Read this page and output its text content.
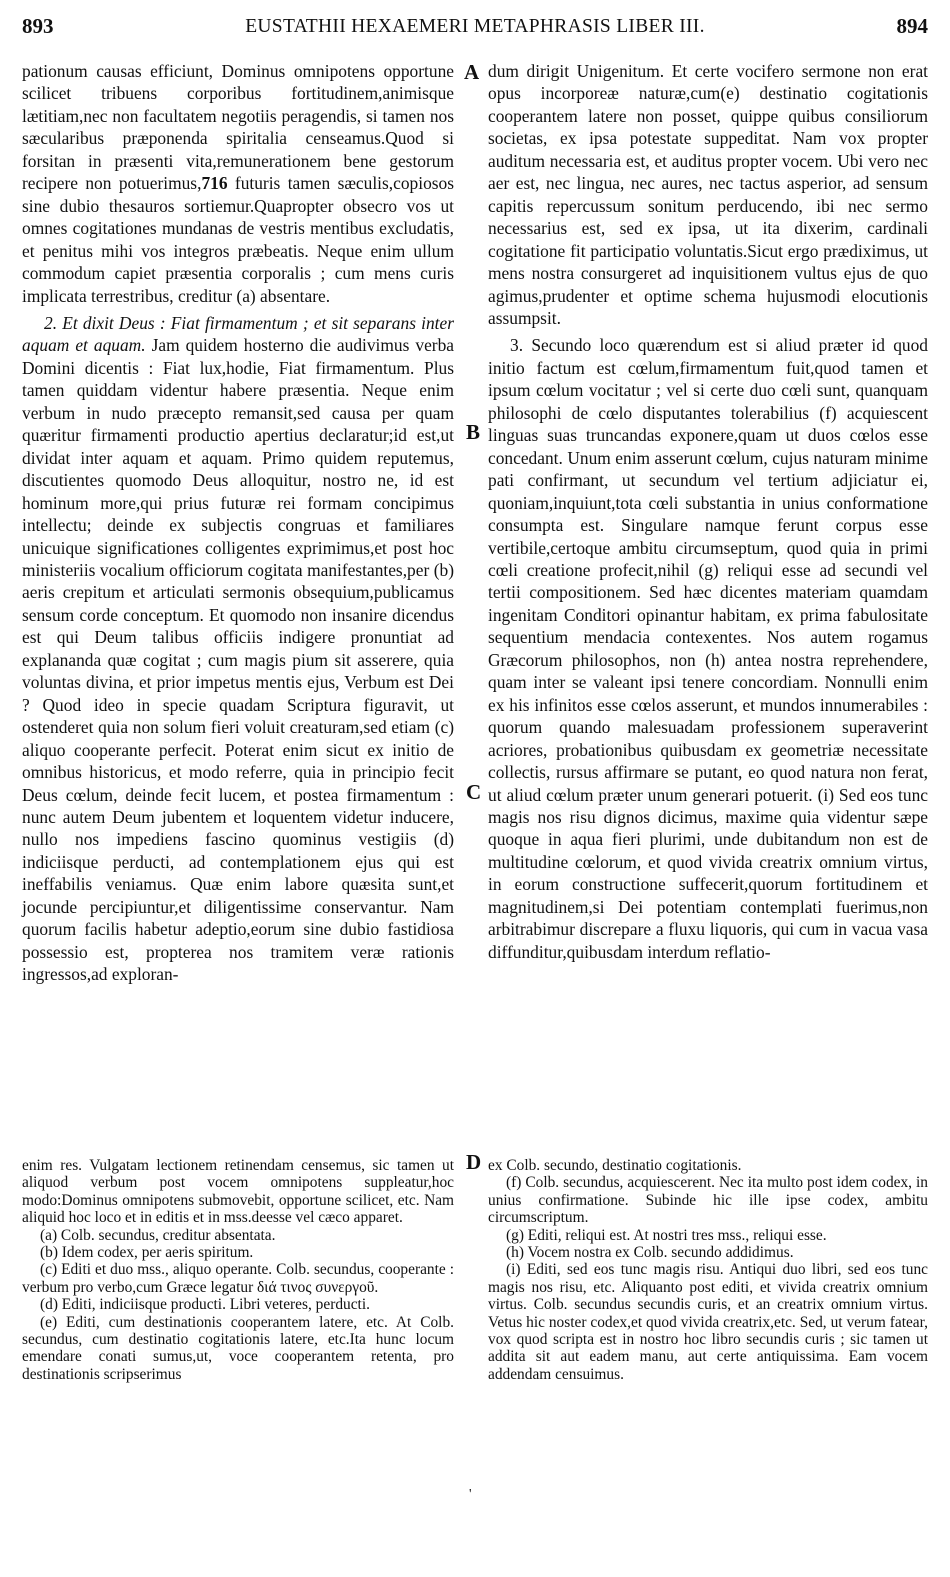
893	EUSTATHII HEXAEMERI METAPHRASIS LIBER III.	894

pationum causas efficiunt, Dominus omnipotens opportune scilicet tribuens corporibus fortitudinem,animisque lætitiam,nec non facultatem negotiis peragendis, si tamen nos sæcularibus præponenda spiritalia censeamus.Quod si forsitan in præsenti vita,remunerationem bene gestorum recipere non potuerimus,716 futuris tamen sæculis,copiosos sine dubio thesauros sortiemur.Quapropter obsecro vos ut omnes cogitationes mundanas de vestris mentibus excludatis, et penitus mihi vos integros præbeatis. Neque enim ullum commodum capiet præsentia corporalis ; cum mens curis implicata terrestribus, creditur (a) absentare.

2. Et dixit Deus : Fiat firmamentum ; et sit separans inter aquam et aquam. Jam quidem hosterno die audivimus verba Domini dicentis : Fiat lux,hodie, Fiat firmamentum. Plus tamen quiddam videntur habere præsentia. Neque enim verbum in nudo præcepto remansit,sed causa per quam quæritur firmamenti productio apertius declaratur;id est,ut dividat inter aquam et aquam. Primo quidem reputemus, discutientes quomodo Deus alloquitur, nostro ne, id est hominum more,qui prius futuræ rei formam concipimus intellectu; deinde ex subjectis congruas et familiares unicuique significationes colligentes exprimimus,et post hoc ministeriis vocalium officiorum cogitata manifestantes,per (b) aeris crepitum et articulati sermonis obsequium,publicamus sensum corde conceptum. Et quomodo non insanire dicendus est qui Deum talibus officiis indigere pronuntiat ad explananda quæ cogitat ; cum magis pium sit asserere, quia voluntas divina, et prior impetus mentis ejus, Verbum est Dei ? Quod ideo in specie quadam Scriptura figuravit, ut ostenderet quia non solum fieri voluit creaturam,sed etiam (c) aliquo cooperante perfecit. Poterat enim sicut ex initio de omnibus historicus, et modo referre, quia in principio fecit Deus cœlum, deinde fecit lucem, et postea firmamentum : nunc autem Deum jubentem et loquentem videtur inducere, nullo nos impediens fascino quominus vestigiis (d) indiciisque perducti, ad contemplationem ejus qui est ineffabilis veniamus. Quæ enim labore quæsita sunt,et jocunde percipiuntur,et diligentissime conservantur. Nam quorum facilis habetur adeptio,eorum sine dubio fastidiosa possessio est, propterea nos tramitem veræ rationis ingressos,ad exploran-

dum dirigit Unigenitum. Et certe vocifero sermone non erat opus incorporeæ naturæ,cum(e) destinatio cogitationis cooperantem latere non posset, quippe quibus consiliorum societas, ex ipsa potestate suppeditat. Nam vox propter auditum necessaria est, et auditus propter vocem. Ubi vero nec aer est, nec lingua, nec aures, nec tactus asperior, ad sensum capitis repercussum sonitum perducendo, ibi nec sermo necessarius est, sed ex ipsa, ut ita dixerim, cardinali cogitatione fit participatio voluntatis.Sicut ergo prædiximus, ut mens nostra consurgeret ad inquisitionem vultus ejus de quo agimus,prudenter et optime schema hujusmodi elocutionis assumpsit.

3. Secundo loco quærendum est si aliud præter id quod initio factum est cœlum,firmamentum fuit,quod tamen et ipsum cœlum vocitatur ; vel si certe duo cœli sunt, quanquam philosophi de cœlo disputantes tolerabilius (f) acquiescent linguas suas truncandas exponere,quam ut duos cœlos esse concedant. Unum enim asserunt cœlum, cujus naturam minime pati confirmant, ut secundum vel tertium adjiciatur ei, quoniam,inquiunt,tota cœli substantia in unius conformatione consumpta est. Singulare namque ferunt corpus esse vertibile,certoque ambitu circumseptum, quod quia in primi cœli creatione profecit,nihil (g) reliqui esse ad secundi vel tertii compositionem. Sed hæc dicentes materiam quamdam ingenitam Conditori opinantur habitam, ex prima fabulositate sequentium mendacia contexentes. Nos autem rogamus Græcorum philosophos, non (h) antea nostra reprehendere, quam inter se valeant ipsi tenere concordiam. Nonnulli enim ex his infinitos esse cœlos asserunt, et mundos innumerabiles : quorum quando malesuadam professionem superaverint acriores, probationibus quibusdam ex geometriæ necessitate collectis, rursus affirmare se putant, eo quod natura non ferat, ut aliud cœlum præter unum generari potuerit. (i) Sed eos tunc magis nos risu dignos dicimus, maxime quia videntur sæpe quoque in aqua fieri plurimi, unde dubitandum non est de multitudine cœlorum, et quod vivida creatrix omnium virtus, in eorum constructione suffecerit,quorum fortitudinem et magnitudinem,si Dei potentiam contemplati fuerimus,non arbitrabimur discrepare a fluxu liquoris, qui cum in vacua vasa diffunditur,quibusdam interdum reflatio-

A
B
C
D

enim res. Vulgatam lectionem retinendam censemus, sic tamen ut aliquod verbum post vocem omnipotens suppleatur,hoc modo:Dominus omnipotens submovebit, opportune scilicet, etc. Nam aliquid hoc loco et in editis et in mss.deesse vel cæco apparet.

(a) Colb. secundus, creditur absentata.

(b) Idem codex, per aeris spiritum.

(c) Editi et duo mss., aliquo operante. Colb. secundus, cooperante : verbum pro verbo,cum Græce legatur διά τινος συνεργοῦ.

(d) Editi, indiciisque producti. Libri veteres, perducti.

(e) Editi, cum destinationis cooperantem latere, etc. At Colb. secundus, cum destinatio cogitationis latere, etc.Ita hunc locum emendare conati sumus,ut, voce cooperantem retenta, pro destinationis scripserimus

ex Colb. secundo, destinatio cogitationis.

(f) Colb. secundus, acquiescerent. Nec ita multo post idem codex, in unius confirmatione. Subinde hic ille ipse codex, ambitu circumscriptum.

(g) Editi, reliqui est. At nostri tres mss., reliqui esse.

(h) Vocem nostra ex Colb. secundo addidimus.

(i) Editi, sed eos tunc magis risu. Antiqui duo libri, sed eos tunc magis nos risu, etc. Aliquanto post editi, et vivida creatrix omnium virtus. Colb. secundus secundis curis, et an creatrix omnium virtus. Vetus hic noster codex,et quod vivida creatrix,etc. Sed, ut verum fatear, vox quod scripta est in nostro hoc libro secundis curis ; sic tamen ut addita sit aut eadem manu, aut certe antiquissima. Eam vocem addendam censuimus.

'
